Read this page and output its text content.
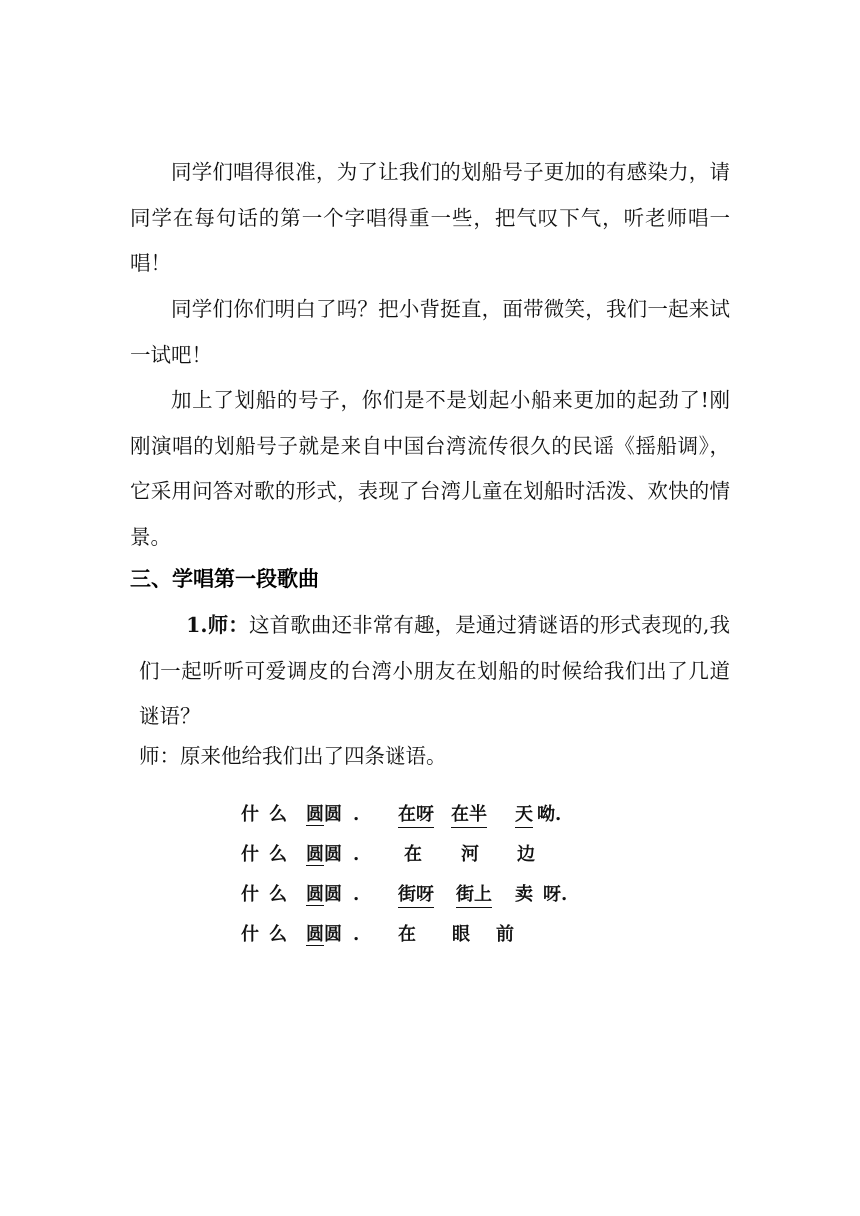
同学们唱得很准，为了让我们的划船号子更加的有感染力，请同学在每句话的第一个字唱得重一些，把气叹下气，听老师唱一唱！

同学们你们明白了吗？把小背挺直，面带微笑，我们一起来试一试吧！

加上了划船的号子，你们是不是划起小船来更加的起劲了!刚刚演唱的划船号子就是来自中国台湾流传很久的民谣《摇船调》，它采用问答对歌的形式，表现了台湾儿童在划船时活泼、欢快的情景。

三、学唱第一段歌曲

1.师：这首歌曲还非常有趣，是通过猜谜语的形式表现的,我们一起听听可爱调皮的台湾小朋友在划船的时候给我们出了几道谜语？

师：原来他给我们出了四条谜语。

什 么 圆圆 . 在呀 在半 天 呦.
什 么 圆圆 . 在 河 边
什 么 圆圆 . 街呀 街上 卖 呀.
什 么 圆圆 . 在 眼 前
